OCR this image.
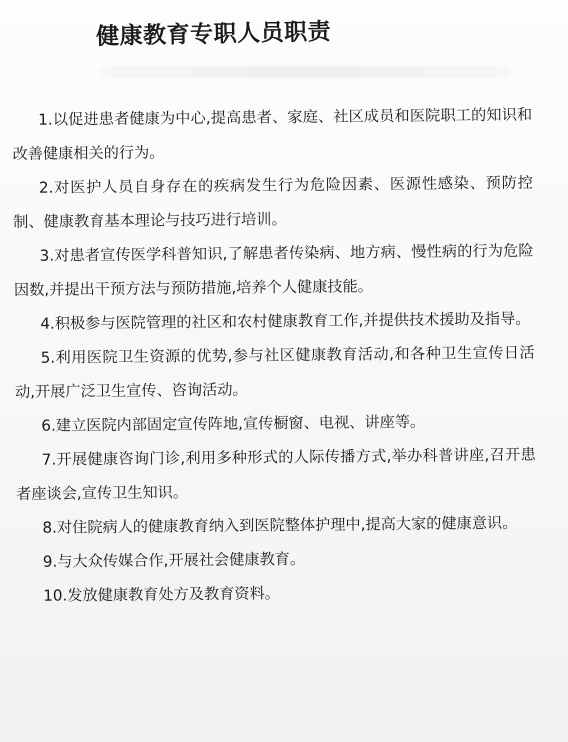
健康教育专职人员职责

1.以促进患者健康为中心,提高患者、家庭、社区成员和医院职工的知识和改善健康相关的行为。

2.对医护人员自身存在的疾病发生行为危险因素、医源性感染、预防控制、健康教育基本理论与技巧进行培训。

3.对患者宣传医学科普知识,了解患者传染病、地方病、慢性病的行为危险因数,并提出干预方法与预防措施,培养个人健康技能。

4.积极参与医院管理的社区和农村健康教育工作,并提供技术援助及指导。

5.利用医院卫生资源的优势,参与社区健康教育活动,和各种卫生宣传日活动,开展广泛卫生宣传、咨询活动。

6.建立医院内部固定宣传阵地,宣传橱窗、电视、讲座等。

7.开展健康咨询门诊,利用多种形式的人际传播方式,举办科普讲座,召开患者座谈会,宣传卫生知识。

8.对住院病人的健康教育纳入到医院整体护理中,提高大家的健康意识。

9.与大众传媒合作,开展社会健康教育。

10.发放健康教育处方及教育资料。
